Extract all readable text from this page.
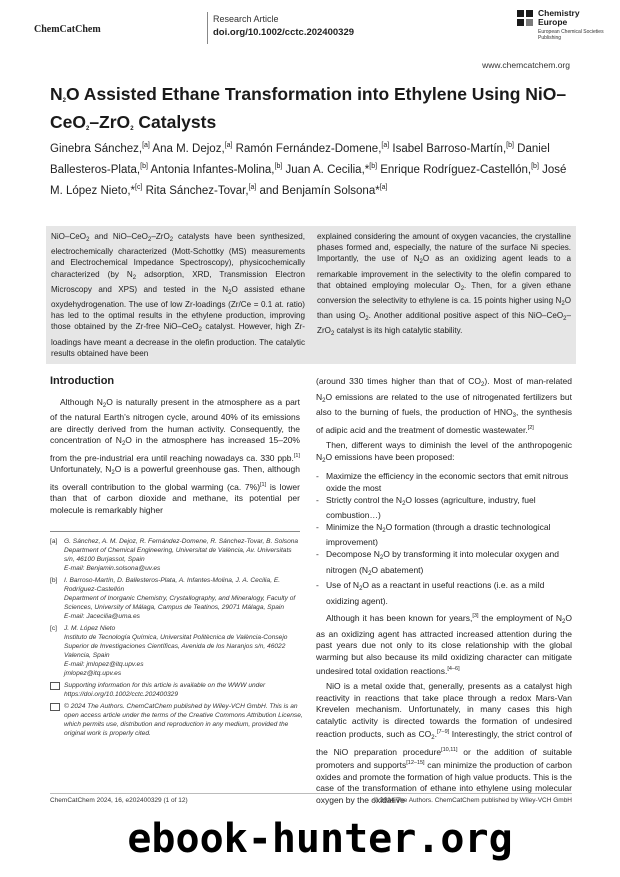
ChemCatChem
Research Article
doi.org/10.1002/cctc.202400329
Chemistry Europe
European Chemical Societies Publishing
www.chemcatchem.org
$N_2O$ Assisted Ethane Transformation into Ethylene Using NiO–CeO$_2$–ZrO$_2$ Catalysts
Ginebra Sánchez,[a] Ana M. Dejoz,[a] Ramón Fernández-Domene,[a] Isabel Barroso-Martín,[b] Daniel Ballesteros-Plata,[b] Antonia Infantes-Molina,[b] Juan A. Cecilia,*[b] Enrique Rodríguez-Castellón,[b] José M. López Nieto,*[c] Rita Sánchez-Tovar,[a] and Benjamín Solsona*[a]

NiO–CeO$_2$ and NiO–CeO$_2$–ZrO$_2$ catalysts have been synthesized, electrochemically characterized (Mott-Schottky (MS) measurements and Electrochemical Impedance Spectroscopy), physicochemically characterized (by $N_2$ adsorption, XRD, Transmission Electron Microscopy and XPS) and tested in the $N_2O$ assisted ethane oxydehydrogenation. The use of low Zr-loadings (Zr/Ce = 0.1 at. ratio) has led to the optimal results in the ethylene production, improving those obtained by the Zr-free NiO–CeO$_2$ catalyst. However, high Zr-loadings have meant a decrease in the olefin production. The catalytic results obtained have been

explained considering the amount of oxygen vacancies, the crystalline phases formed and, especially, the nature of the surface Ni species. Importantly, the use of $N_2O$ as an oxidizing agent leads to a remarkable improvement in the selectivity to the olefin compared to that obtained employing molecular $O_2$. Then, for a given ethane conversion the selectivity to ethylene is ca. 15 points higher using $N_2O$ than using $O_2$. Another additional positive aspect of this NiO–CeO$_2$–ZrO$_2$ catalyst is its high catalytic stability.

Introduction

Although $N_2O$ is naturally present in the atmosphere as a part of the natural Earth’s nitrogen cycle, around 40% of its emissions are directly derived from the human activity. Consequently, the concentration of $N_2O$ in the atmosphere has increased 15–20% from the pre-industrial era until reaching nowadays ca. 330 ppb.[1] Unfortunately, $N_2O$ is a powerful greenhouse gas. Then, although its overall contribution to the global warming (ca. 7%)[1] is lower than that of carbon dioxide and methane, its potential per molecule is remarkably higher

[a]	G. Sánchez, A. M. Dejoz, R. Fernández-Domene, R. Sánchez-Tovar, B. Solsona
Department of Chemical Engineering, Universitat de València, Av. Universitats s/n, 46100 Burjassot, Spain
E-mail: Benjamin.solsona@uv.es
[b]	I. Barroso-Martín, D. Ballesteros-Plata, A. Infantes-Molina, J. A. Cecilia, E. Rodríguez-Castellón
Department of Inorganic Chemistry, Crystallography, and Mineralogy, Faculty of Sciences, University of Málaga, Campus de Teatinos, 29071 Málaga, Spain
E-mail: Jacecilia@uma.es
[c]	J. M. López Nieto
Instituto de Tecnología Química, Universitat Politècnica de València-Consejo Superior de Investigaciones Científicas, Avenida de los Naranjos s/n, 46022 Valencia, Spain
E-mail: jmlopez@itq.upv.es
jmlopez@itq.upv.es
Supporting information for this article is available on the WWW under https://doi.org/10.1002/cctc.202400329
© 2024 The Authors. ChemCatChem published by Wiley-VCH GmbH. This is an open access article under the terms of the Creative Commons Attribution License, which permits use, distribution and reproduction in any medium, provided the original work is properly cited.

(around 330 times higher than that of $CO_2$). Most of man-related $N_2O$ emissions are related to the use of nitrogenated fertilizers but also to the burning of fuels, the production of $HNO_3$, the synthesis of adipic acid and the treatment of domestic wastewater.[2]

Then, different ways to diminish the level of the anthropogenic $N_2O$ emissions have been proposed:

- Maximize the efficiency in the economic sectors that emit nitrous oxide the most
- Strictly control the $N_2O$ losses (agriculture, industry, fuel combustion…)
- Minimize the $N_2O$ formation (through a drastic technological improvement)
- Decompose $N_2O$ by transforming it into molecular oxygen and nitrogen ($N_2O$ abatement)
- Use of $N_2O$ as a reactant in useful reactions (i.e. as a mild oxidizing agent).

Although it has been known for years,[3] the employment of $N_2O$ as an oxidizing agent has attracted increased attention during the past years due not only to its close relationship with the global warming but also because its mild oxidizing character can mitigate undesired total oxidation reactions.[4–6]

NiO is a metal oxide that, generally, presents as a catalyst high reactivity in reactions that take place through a redox Mars-Van Krevelen mechanism. Unfortunately, in many cases this high catalytic activity is directed towards the formation of undesired reaction products, such as $CO_2.[7-9]$ Interestingly, the strict control of the NiO preparation procedure[10,11] or the addition of suitable promoters and supports[12–15] can minimize the production of carbon oxides and promote the formation of high value products. This is the case of the transformation of ethane into ethylene using molecular oxygen by the oxidative

ChemCatChem 2024, 16, e202400329 (1 of 12)	© 2024 The Authors. ChemCatChem published by Wiley-VCH GmbH
ebook-hunter.org
